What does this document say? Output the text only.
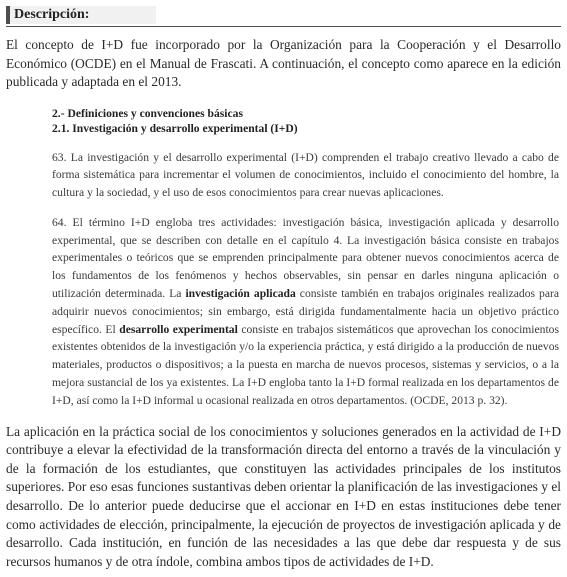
Descripción:

El concepto de I+D fue incorporado por la Organización para la Cooperación y el Desarrollo Económico (OCDE) en el Manual de Frascati. A continuación, el concepto como aparece en la edición publicada y adaptada en el 2013.

2.- Definiciones y convenciones básicas
2.1. Investigación y desarrollo experimental (I+D)

63. La investigación y el desarrollo experimental (I+D) comprenden el trabajo creativo llevado a cabo de forma sistemática para incrementar el volumen de conocimientos, incluido el conocimiento del hombre, la cultura y la sociedad, y el uso de esos conocimientos para crear nuevas aplicaciones.

64. El término I+D engloba tres actividades: investigación básica, investigación aplicada y desarrollo experimental, que se describen con detalle en el capítulo 4. La investigación básica consiste en trabajos experimentales o teóricos que se emprenden principalmente para obtener nuevos conocimientos acerca de los fundamentos de los fenómenos y hechos observables, sin pensar en darles ninguna aplicación o utilización determinada. La investigación aplicada consiste también en trabajos originales realizados para adquirir nuevos conocimientos; sin embargo, está dirigida fundamentalmente hacia un objetivo práctico específico. El desarrollo experimental consiste en trabajos sistemáticos que aprovechan los conocimientos existentes obtenidos de la investigación y/o la experiencia práctica, y está dirigido a la producción de nuevos materiales, productos o dispositivos; a la puesta en marcha de nuevos procesos, sistemas y servicios, o a la mejora sustancial de los ya existentes. La I+D engloba tanto la I+D formal realizada en los departamentos de I+D, así como la I+D informal u ocasional realizada en otros departamentos. (OCDE, 2013 p. 32).

La aplicación en la práctica social de los conocimientos y soluciones generados en la actividad de I+D contribuye a elevar la efectividad de la transformación directa del entorno a través de la vinculación y de la formación de los estudiantes, que constituyen las actividades principales de los institutos superiores. Por eso esas funciones sustantivas deben orientar la planificación de las investigaciones y el desarrollo. De lo anterior puede deducirse que el accionar en I+D en estas instituciones debe tener como actividades de elección, principalmente, la ejecución de proyectos de investigación aplicada y de desarrollo. Cada institución, en función de las necesidades a las que debe dar respuesta y de sus recursos humanos y de otra índole, combina ambos tipos de actividades de I+D.
